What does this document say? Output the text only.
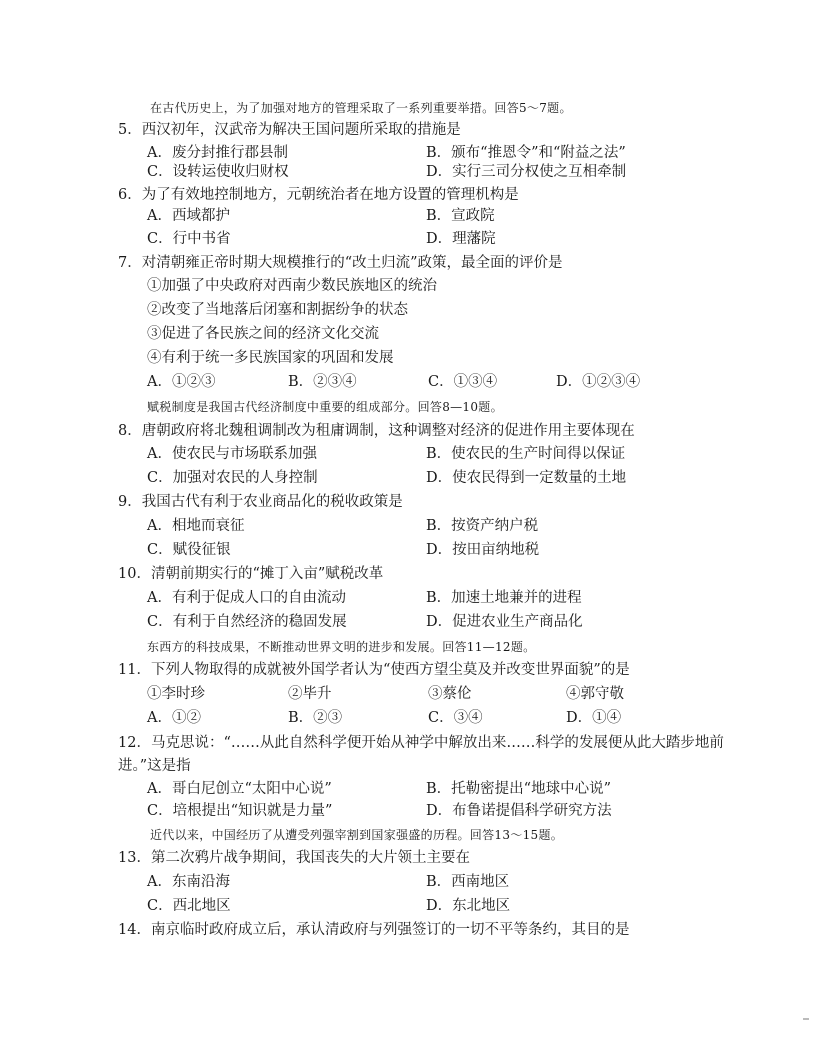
在古代历史上，为了加强对地方的管理采取了一系列重要举措。回答5～7题。
5．西汉初年，汉武帝为解决王国问题所采取的措施是
A．废分封推行郡县制	B．颁布“推恩令”和“附益之法”
C．设转运使收归财权	D．实行三司分权使之互相牵制
6．为了有效地控制地方，元朝统治者在地方设置的管理机构是
A．西域都护	B．宣政院
C．行中书省	D．理藩院
7．对清朝雍正帝时期大规模推行的“改土归流”政策，最全面的评价是
①加强了中央政府对西南少数民族地区的统治
②改变了当地落后闭塞和割据纷争的状态
③促进了各民族之间的经济文化交流
④有利于统一多民族国家的巩固和发展
A．①②③	B．②③④	C．①③④	D．①②③④
赋税制度是我国古代经济制度中重要的组成部分。回答8—10题。
8．唐朝政府将北魏租调制改为租庸调制，这种调整对经济的促进作用主要体现在
A．使农民与市场联系加强	B．使农民的生产时间得以保证
C．加强对农民的人身控制	D．使农民得到一定数量的土地
9．我国古代有利于农业商品化的税收政策是
A．相地而衰征	B．按资产纳户税
C．赋役征银	D．按田亩纳地税
10．清朝前期实行的“摊丁入亩”赋税改革
A．有利于促成人口的自由流动	B．加速土地兼并的进程
C．有利于自然经济的稳固发展	D．促进农业生产商品化
东西方的科技成果，不断推动世界文明的进步和发展。回答11—12题。
11．下列人物取得的成就被外国学者认为“使西方望尘莫及并改变世界面貌”的是
①李时珍	②毕升	③蔡伦	④郭守敬
A．①②	B．②③	C．③④	D．①④
12．马克思说：“……从此自然科学便开始从神学中解放出来……科学的发展便从此大踏步地前
进。”这是指
A．哥白尼创立“太阳中心说”	B．托勒密提出“地球中心说”
C．培根提出“知识就是力量”	D．布鲁诺提倡科学研究方法
近代以来，中国经历了从遭受列强宰割到国家强盛的历程。回答13～15题。
13．第二次鸦片战争期间，我国丧失的大片领土主要在
A．东南沿海	B．西南地区
C．西北地区	D．东北地区
14．南京临时政府成立后，承认清政府与列强签订的一切不平等条约，其目的是
